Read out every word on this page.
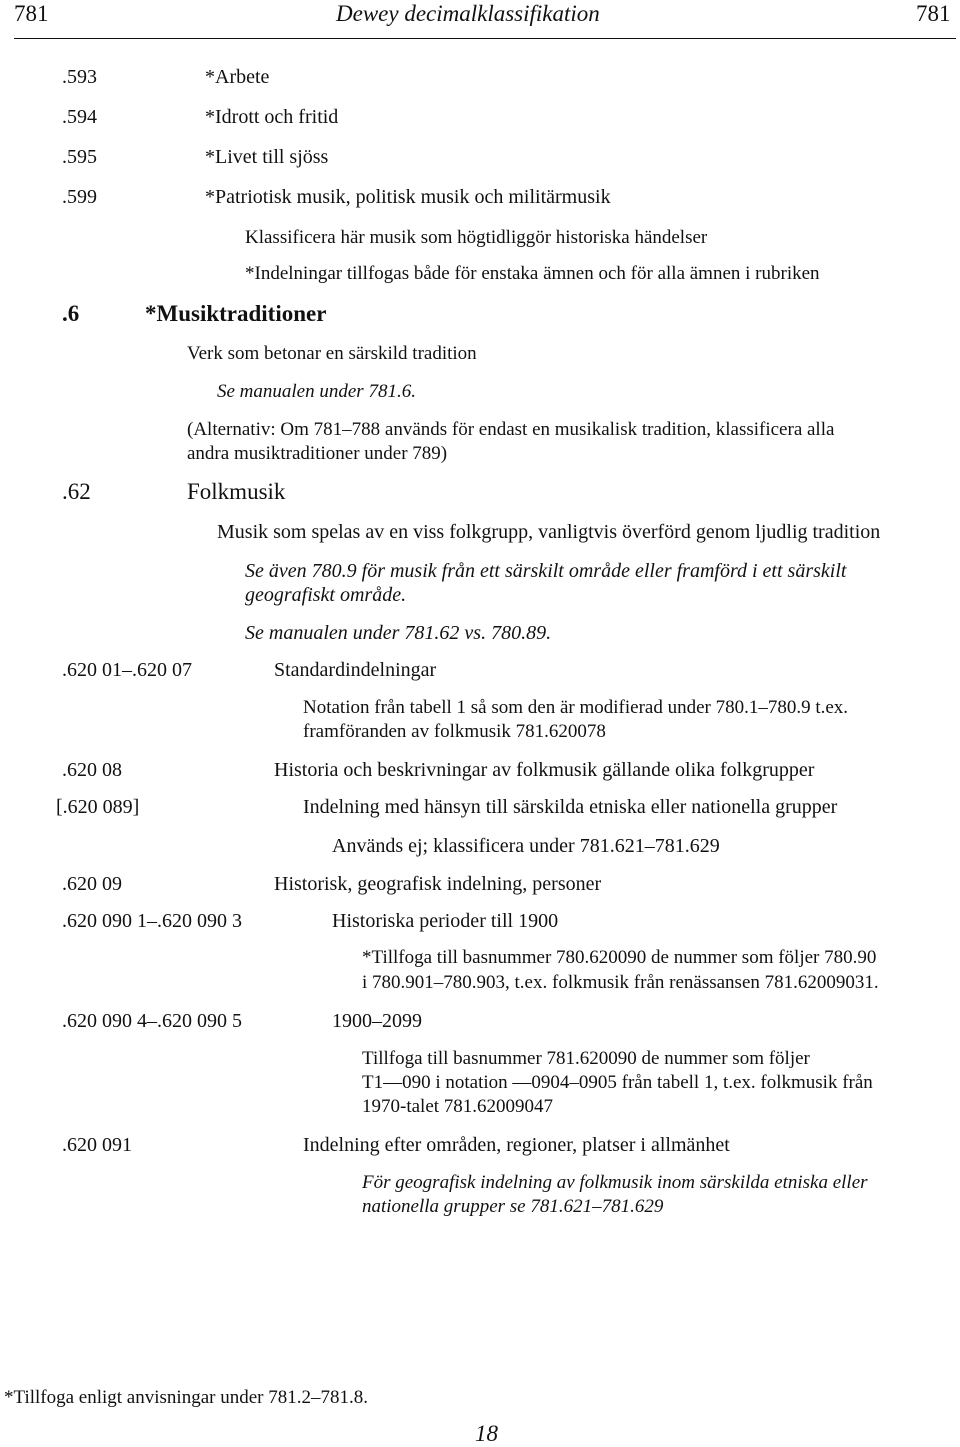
781	Dewey decimalklassifikation	781
.593	*Arbete
.594	*Idrott och fritid
.595	*Livet till sjöss
.599	*Patriotisk musik, politisk musik och militärmusik
Klassificera här musik som högtidliggör historiska händelser
*Indelningar tillfogas både för enstaka ämnen och för alla ämnen i rubriken
.6	*Musiktraditioner
Verk som betonar en särskild tradition
Se manualen under 781.6.
(Alternativ: Om 781–788 används för endast en musikalisk tradition, klassificera alla
andra musiktraditioner under 789)
.62	Folkmusik
Musik som spelas av en viss folkgrupp, vanligtvis överförd genom ljudlig tradition
Se även 780.9 för musik från ett särskilt område eller framförd i ett särskilt
geografiskt område.
Se manualen under 781.62 vs. 780.89.
.620 01–.620 07	Standardindelningar
Notation från tabell 1 så som den är modifierad under 780.1–780.9 t.ex.
framföranden av folkmusik 781.620078
.620 08	Historia och beskrivningar av folkmusik gällande olika folkgrupper
[.620 089]	Indelning med hänsyn till särskilda etniska eller nationella grupper
Används ej; klassificera under 781.621–781.629
.620 09	Historisk, geografisk indelning, personer
.620 090 1–.620 090 3	Historiska perioder till 1900
*Tillfoga till basnummer 780.620090 de nummer som följer 780.90
i 780.901–780.903, t.ex. folkmusik från renässansen 781.62009031.
.620 090 4–.620 090 5	1900–2099
Tillfoga till basnummer 781.620090 de nummer som följer
T1—090 i notation —0904–0905 från tabell 1, t.ex. folkmusik från
1970-talet 781.62009047
.620 091	Indelning efter områden, regioner, platser i allmänhet
För geografisk indelning av folkmusik inom särskilda etniska eller
nationella grupper se 781.621–781.629
*Tillfoga enligt anvisningar under 781.2–781.8.
18
